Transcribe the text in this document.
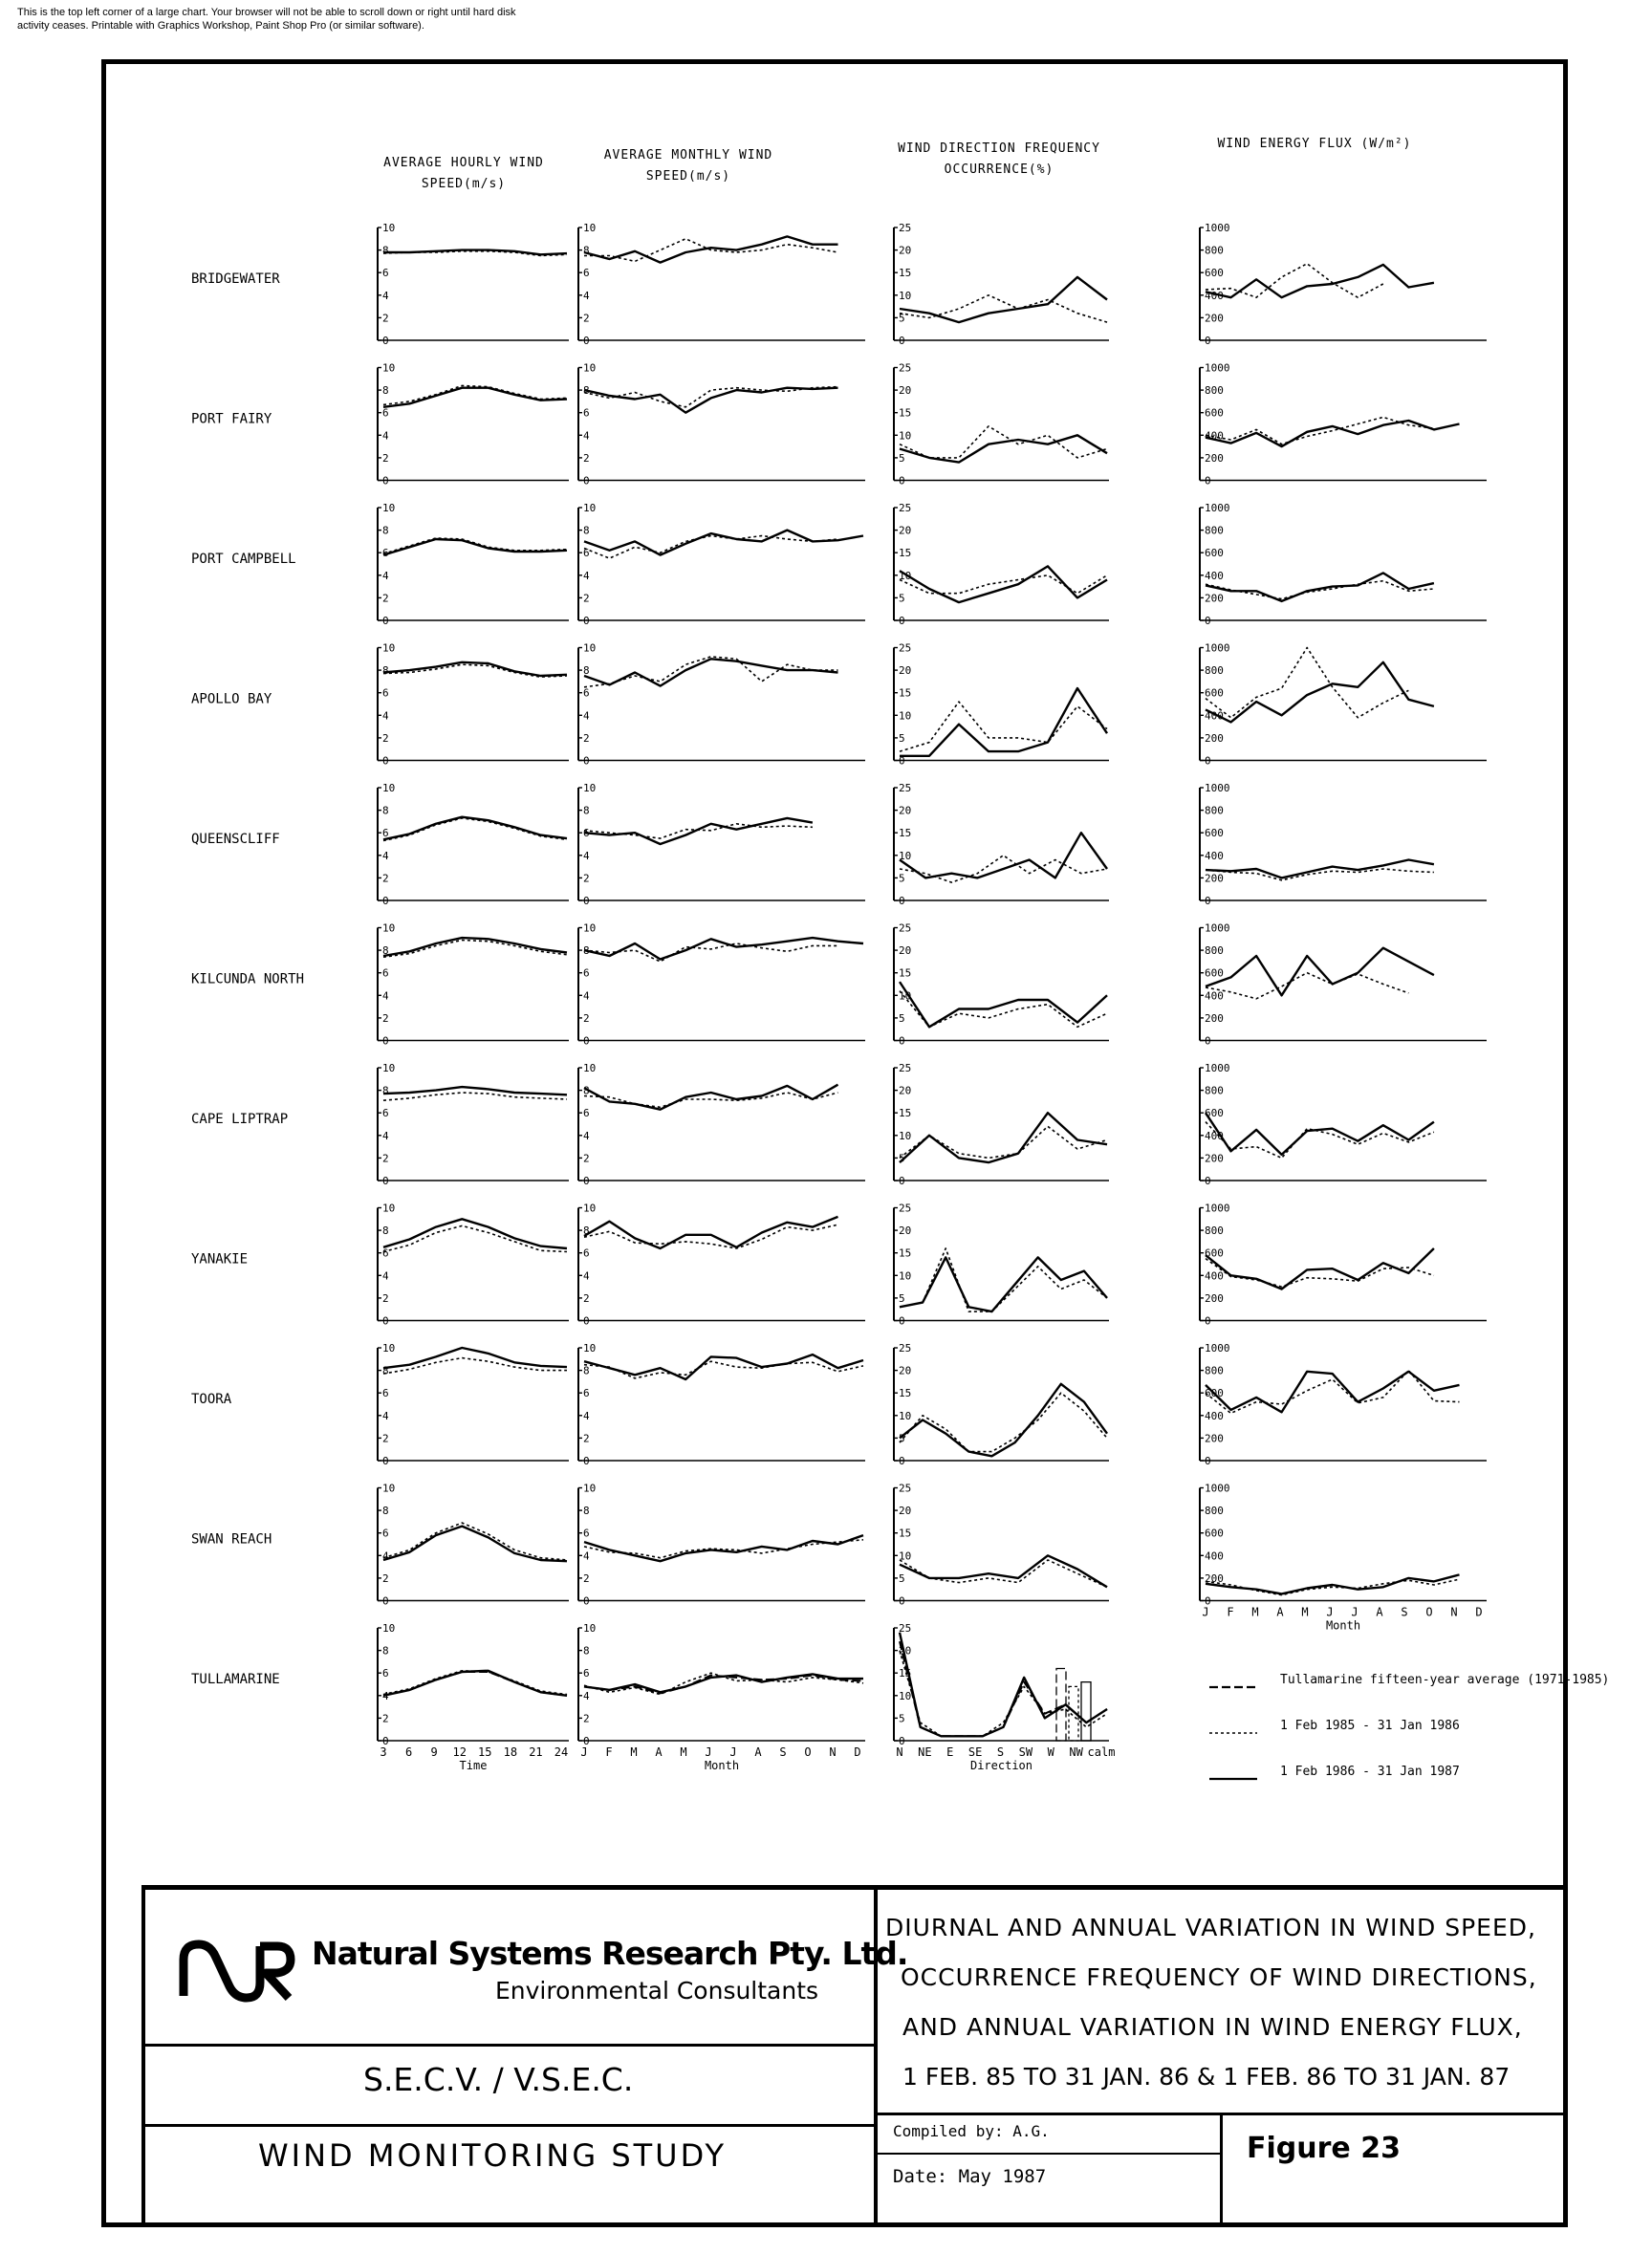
This is the top left corner of a large chart. Your browser will not be able to scroll down or right until hard disk activity ceases. Printable with Graphics Workshop, Paint Shop Pro (or similar software).
AVERAGE HOURLY WIND SPEED(m/s)
AVERAGE MONTHLY WIND SPEED(m/s)
WIND DIRECTION FREQUENCY OCCURRENCE(%)
WIND ENERGY FLUX (W/m²)
BRIDGEWATER
0
2
4
6
8
10
0
2
4
6
8
10
0
5
10
15
20
25
0
200
400
600
800
1000
PORT FAIRY
0
2
4
6
8
10
0
2
4
6
8
10
0
5
10
15
20
25
0
200
400
600
800
1000
PORT CAMPBELL
0
2
4
6
8
10
0
2
4
6
8
10
0
5
10
15
20
25
0
200
400
600
800
1000
APOLLO BAY
0
2
4
6
8
10
0
2
4
6
8
10
0
5
10
15
20
25
0
200
400
600
800
1000
QUEENSCLIFF
0
2
4
6
8
10
0
2
4
6
8
10
0
5
10
15
20
25
0
200
400
600
800
1000
KILCUNDA NORTH
0
2
4
6
8
10
0
2
4
6
8
10
0
5
10
15
20
25
0
200
400
600
800
1000
CAPE LIPTRAP
0
2
4
6
8
10
0
2
4
6
8
10
0
5
10
15
20
25
0
200
400
600
800
1000
YANAKIE
0
2
4
6
8
10
0
2
4
6
8
10
0
5
10
15
20
25
0
200
400
600
800
1000
TOORA
0
2
4
6
8
10
0
2
4
6
8
10
0
5
10
15
20
25
0
200
400
600
800
1000
SWAN REACH
0
2
4
6
8
10
0
2
4
6
8
10
0
5
10
15
20
25
0
200
400
600
800
1000
J F M A M J J A S O N D
Month
TULLAMARINE
0
2
4
6
8
10
3 6 9 12 15 18 21 24
Time
0
2
4
6
8
10
J F M A M J J A S O N D
Month
0
5
10
15
20
25
N NE E SE S SW W NW calm
Direction
Tullamarine fifteen-year average (1971-1985)
1 Feb 1985 - 31 Jan 1986
1 Feb 1986 - 31 Jan 1987
Natural Systems Research Pty. Ltd.
Environmental Consultants
S.E.C.V. / V.S.E.C.
WIND MONITORING STUDY
DIURNAL AND ANNUAL VARIATION IN WIND SPEED,
OCCURRENCE FREQUENCY OF WIND DIRECTIONS,
AND ANNUAL VARIATION IN WIND ENERGY FLUX,
1 FEB. 85 TO 31 JAN. 86 & 1 FEB. 86 TO 31 JAN. 87
Compiled by: A.G.
Date: May 1987
Figure 23
